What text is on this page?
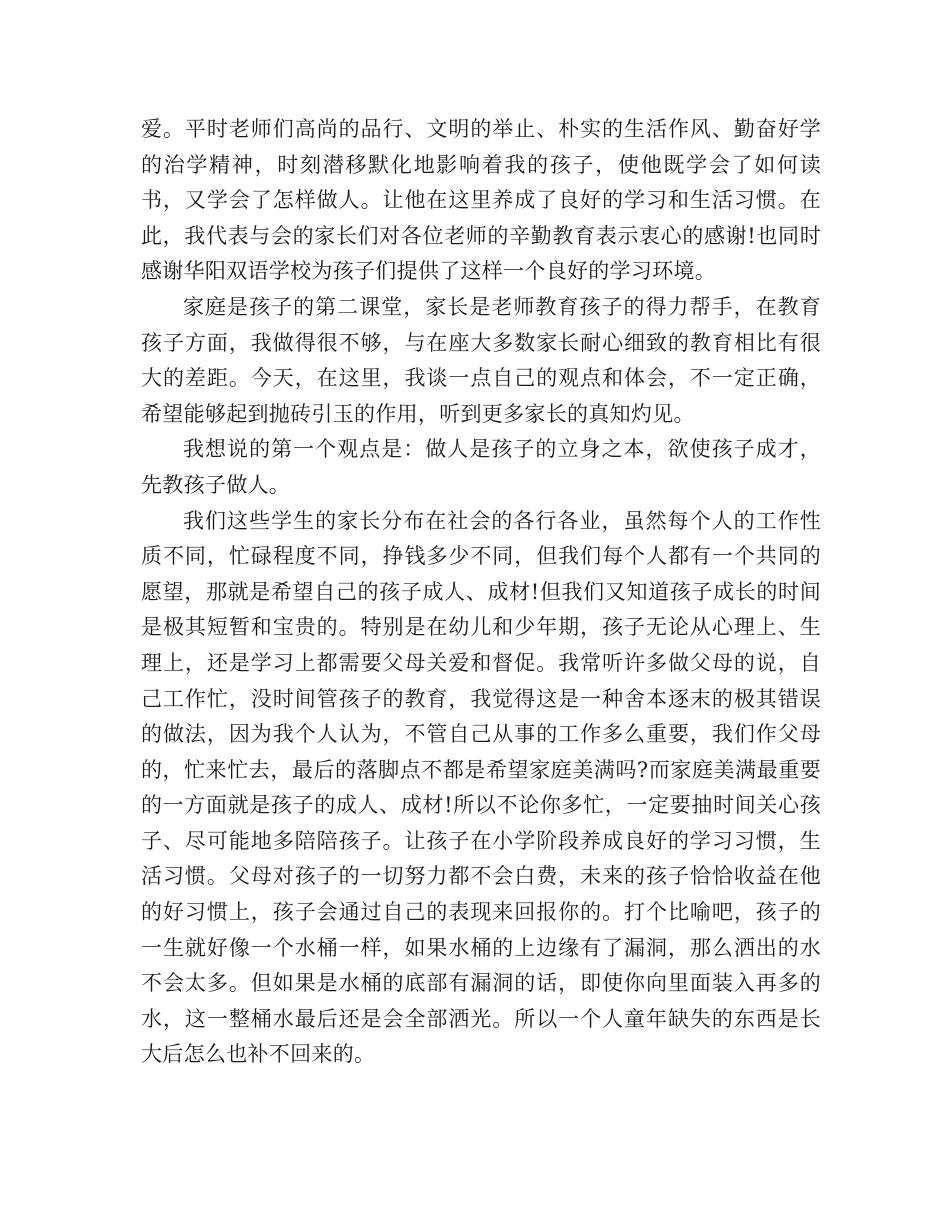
爱。平时老师们高尚的品行、文明的举止、朴实的生活作风、勤奋好学的治学精神，时刻潜移默化地影响着我的孩子，使他既学会了如何读书，又学会了怎样做人。让他在这里养成了良好的学习和生活习惯。在此，我代表与会的家长们对各位老师的辛勤教育表示衷心的感谢!也同时感谢华阳双语学校为孩子们提供了这样一个良好的学习环境。

家庭是孩子的第二课堂，家长是老师教育孩子的得力帮手，在教育孩子方面，我做得很不够，与在座大多数家长耐心细致的教育相比有很大的差距。今天，在这里，我谈一点自己的观点和体会，不一定正确，希望能够起到抛砖引玉的作用，听到更多家长的真知灼见。

我想说的第一个观点是：做人是孩子的立身之本，欲使孩子成才，先教孩子做人。

我们这些学生的家长分布在社会的各行各业，虽然每个人的工作性质不同，忙碌程度不同，挣钱多少不同，但我们每个人都有一个共同的愿望，那就是希望自己的孩子成人、成材!但我们又知道孩子成长的时间是极其短暂和宝贵的。特别是在幼儿和少年期，孩子无论从心理上、生理上，还是学习上都需要父母关爱和督促。我常听许多做父母的说，自己工作忙，没时间管孩子的教育，我觉得这是一种舍本逐末的极其错误的做法，因为我个人认为，不管自己从事的工作多么重要，我们作父母的，忙来忙去，最后的落脚点不都是希望家庭美满吗?而家庭美满最重要的一方面就是孩子的成人、成材!所以不论你多忙，一定要抽时间关心孩子、尽可能地多陪陪孩子。让孩子在小学阶段养成良好的学习习惯，生活习惯。父母对孩子的一切努力都不会白费，未来的孩子恰恰收益在他的好习惯上，孩子会通过自己的表现来回报你的。打个比喻吧，孩子的一生就好像一个水桶一样，如果水桶的上边缘有了漏洞，那么洒出的水不会太多。但如果是水桶的底部有漏洞的话，即使你向里面装入再多的水，这一整桶水最后还是会全部洒光。所以一个人童年缺失的东西是长大后怎么也补不回来的。
